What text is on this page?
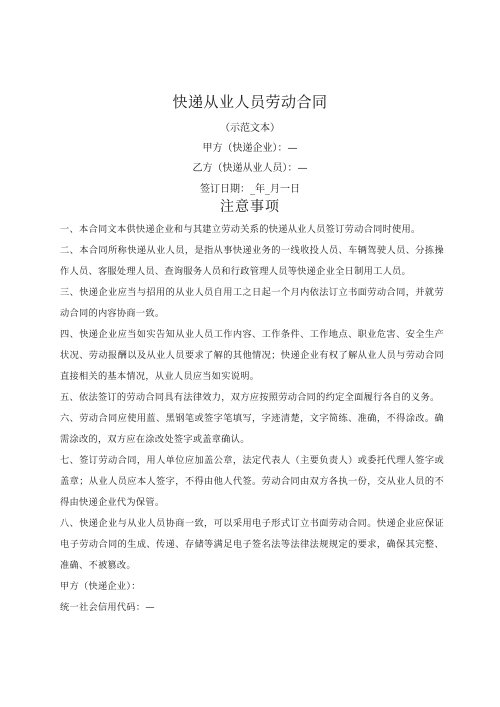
快递从业人员劳动合同
（示范文本）
甲方（快递企业）：—
乙方（快递从业人员）：—
签订日期：_年_月一日
注意事项

一、本合同文本供快递企业和与其建立劳动关系的快递从业人员签订劳动合同时使用。

二、本合同所称快递从业人员，是指从事快递业务的一线收投人员、车辆驾驶人员、分拣操作人员、客服处理人员、查询服务人员和行政管理人员等快递企业全日制用工人员。

三、快递企业应当与招用的从业人员自用工之日起一个月内依法订立书面劳动合同，并就劳动合同的内容协商一致。

四、快递企业应当如实告知从业人员工作内容、工作条件、工作地点、职业危害、安全生产状况、劳动报酬以及从业人员要求了解的其他情况；快递企业有权了解从业人员与劳动合同直接相关的基本情况，从业人员应当如实说明。

五、依法签订的劳动合同具有法律效力，双方应按照劳动合同的约定全面履行各自的义务。

六、劳动合同应使用蓝、黑钢笔或签字笔填写，字迹清楚，文字简练、准确，不得涂改。确需涂改的，双方应在涂改处签字或盖章确认。

七、签订劳动合同，用人单位应加盖公章，法定代表人（主要负责人）或委托代理人签字或盖章；从业人员应本人签字，不得由他人代签。劳动合同由双方各执一份，交从业人员的不得由快递企业代为保管。

八、快递企业与从业人员协商一致，可以采用电子形式订立书面劳动合同。快递企业应保证电子劳动合同的生成、传递、存储等满足电子签名法等法律法规规定的要求，确保其完整、准确、不被篡改。

甲方（快递企业）：

统一社会信用代码：—
